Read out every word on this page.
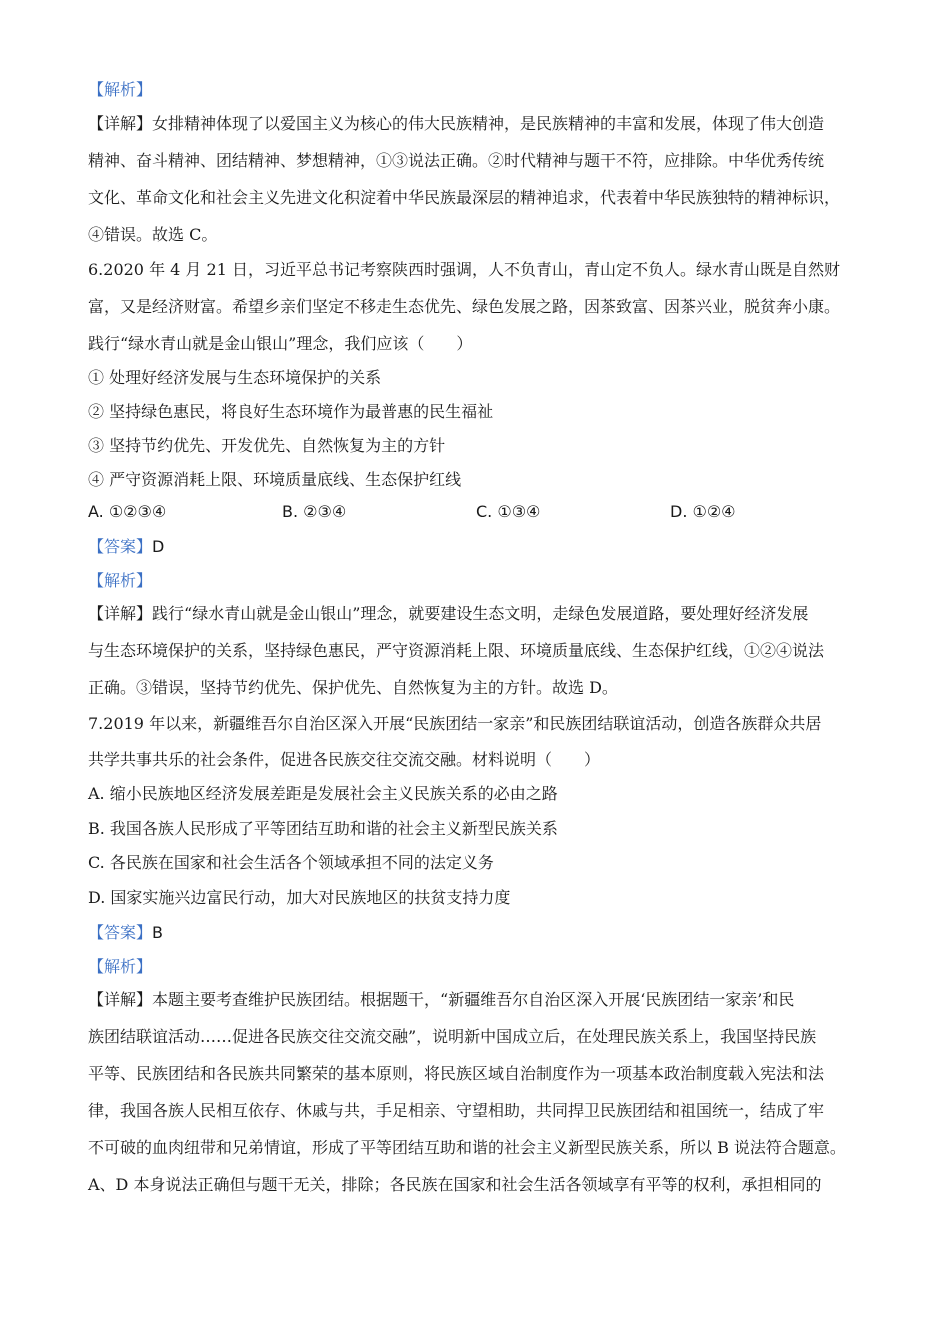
【解析】
【详解】女排精神体现了以爱国主义为核心的伟大民族精神，是民族精神的丰富和发展，体现了伟大创造
精神、奋斗精神、团结精神、梦想精神，①③说法正确。②时代精神与题干不符，应排除。中华优秀传统
文化、革命文化和社会主义先进文化积淀着中华民族最深层的精神追求，代表着中华民族独特的精神标识，
④错误。故选 C。
6.2020 年 4 月 21 日，习近平总书记考察陕西时强调，人不负青山，青山定不负人。绿水青山既是自然财
富，又是经济财富。希望乡亲们坚定不移走生态优先、绿色发展之路，因茶致富、因茶兴业，脱贫奔小康。
践行“绿水青山就是金山银山”理念，我们应该（　　）
① 处理好经济发展与生态环境保护的关系
② 坚持绿色惠民，将良好生态环境作为最普惠的民生福祉
③ 坚持节约优先、开发优先、自然恢复为主的方针
④ 严守资源消耗上限、环境质量底线、生态保护红线
A. ①②③④	B. ②③④	C. ①③④	D. ①②④
【答案】D
【解析】
【详解】践行“绿水青山就是金山银山”理念，就要建设生态文明，走绿色发展道路，要处理好经济发展
与生态环境保护的关系，坚持绿色惠民，严守资源消耗上限、环境质量底线、生态保护红线，①②④说法
正确。③错误，坚持节约优先、保护优先、自然恢复为主的方针。故选 D。
7.2019 年以来，新疆维吾尔自治区深入开展“民族团结一家亲”和民族团结联谊活动，创造各族群众共居
共学共事共乐的社会条件，促进各民族交往交流交融。材料说明（　　）
A. 缩小民族地区经济发展差距是发展社会主义民族关系的必由之路
B. 我国各族人民形成了平等团结互助和谐的社会主义新型民族关系
C. 各民族在国家和社会生活各个领域承担不同的法定义务
D. 国家实施兴边富民行动，加大对民族地区的扶贫支持力度
【答案】B
【解析】
【详解】本题主要考查维护民族团结。根据题干，“新疆维吾尔自治区深入开展‘民族团结一家亲’和民
族团结联谊活动……促进各民族交往交流交融”，说明新中国成立后，在处理民族关系上，我国坚持民族
平等、民族团结和各民族共同繁荣的基本原则，将民族区域自治制度作为一项基本政治制度载入宪法和法
律，我国各族人民相互依存、休戚与共，手足相亲、守望相助，共同捍卫民族团结和祖国统一，结成了牢
不可破的血肉纽带和兄弟情谊，形成了平等团结互助和谐的社会主义新型民族关系，所以 B 说法符合题意。
A、D 本身说法正确但与题干无关，排除；各民族在国家和社会生活各领域享有平等的权利，承担相同的
